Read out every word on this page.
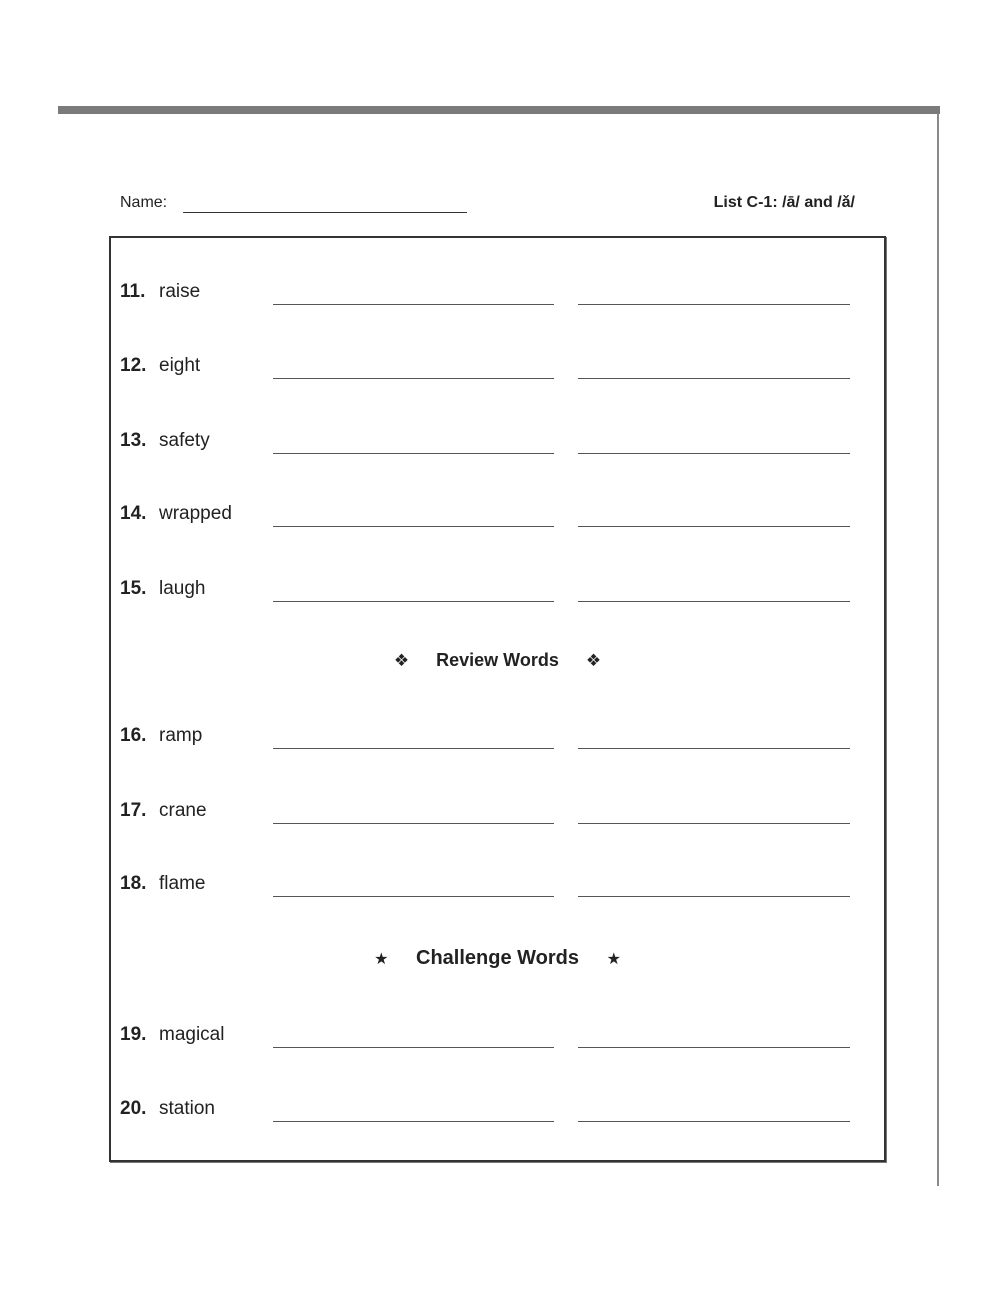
Name:	List C-1: /ā/ and /ǎ/
11. raise
12. eight
13. safety
14. wrapped
15. laugh
❖ Review Words ❖
16. ramp
17. crane
18. flame
★ Challenge Words ★
19. magical
20. station
